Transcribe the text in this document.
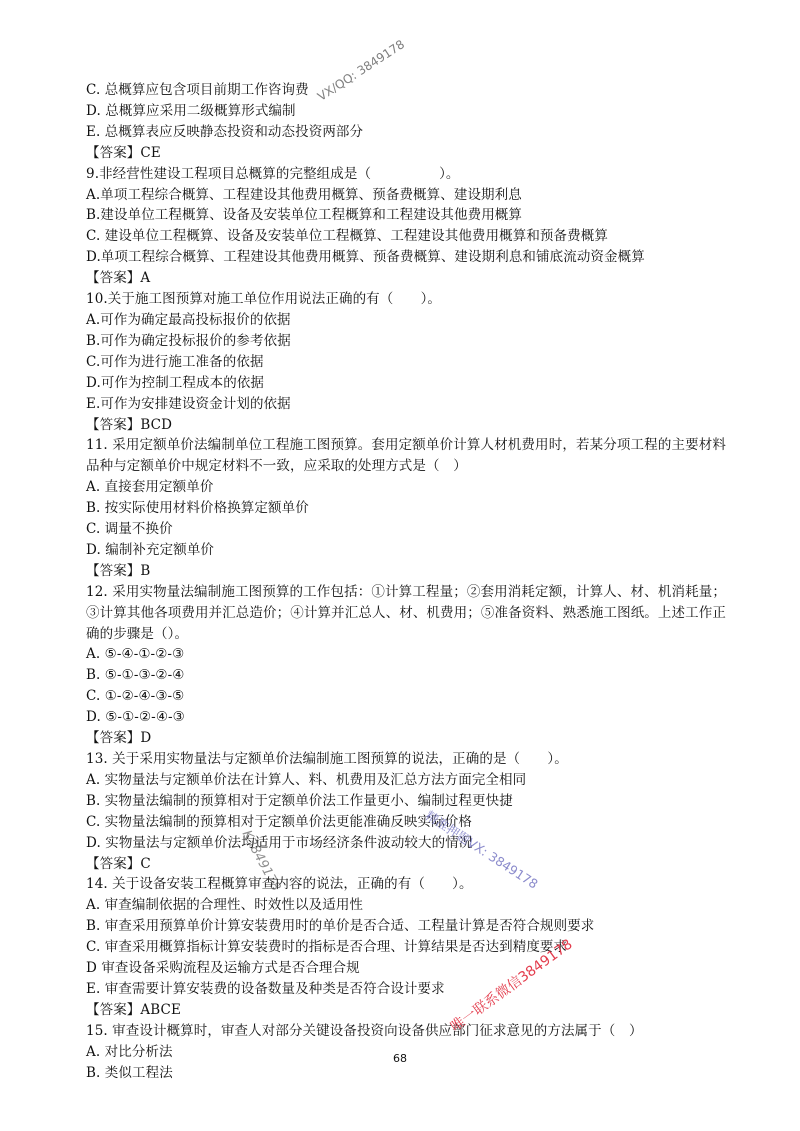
C. 总概算应包含项目前期工作咨询费
D. 总概算应采用二级概算形式编制
E. 总概算表应反映静态投资和动态投资两部分
【答案】CE
9.非经营性建设工程项目总概算的完整组成是（　　　　　）。
A.单项工程综合概算、工程建设其他费用概算、预备费概算、建设期利息
B.建设单位工程概算、设备及安装单位工程概算和工程建设其他费用概算
C. 建设单位工程概算、设备及安装单位工程概算、工程建设其他费用概算和预备费概算
D.单项工程综合概算、工程建设其他费用概算、预备费概算、建设期利息和铺底流动资金概算
【答案】A
10.关于施工图预算对施工单位作用说法正确的有（　　）。
A.可作为确定最高投标报价的依据
B.可作为确定投标报价的参考依据
C.可作为进行施工准备的依据
D.可作为控制工程成本的依据
E.可作为安排建设资金计划的依据
【答案】BCD
11. 采用定额单价法编制单位工程施工图预算。套用定额单价计算人材机费用时，若某分项工程的主要材料品种与定额单价中规定材料不一致，应采取的处理方式是（　）
A. 直接套用定额单价
B. 按实际使用材料价格换算定额单价
C. 调量不换价
D. 编制补充定额单价
【答案】B
12. 采用实物量法编制施工图预算的工作包括：①计算工程量；②套用消耗定额，计算人、材、机消耗量；③计算其他各项费用并汇总造价；④计算并汇总人、材、机费用；⑤准备资料、熟悉施工图纸。上述工作正确的步骤是（）。
A. ⑤-④-①-②-③
B. ⑤-①-③-②-④
C. ①-②-④-③-⑤
D. ⑤-①-②-④-③
【答案】D
13. 关于采用实物量法与定额单价法编制施工图预算的说法，正确的是（　　）。
A. 实物量法与定额单价法在计算人、料、机费用及汇总方法方面完全相同
B. 实物量法编制的预算相对于定额单价法工作量更小、编制过程更快捷
C. 实物量法编制的预算相对于定额单价法更能准确反映实际价格
D. 实物量法与定额单价法均适用于市场经济条件波动较大的情况
【答案】C
14. 关于设备安装工程概算审查内容的说法，正确的有（　　）。
A. 审查编制依据的合理性、时效性以及适用性
B. 审查采用预算单价计算安装费用时的单价是否合适、工程量计算是否符合规则要求
C. 审查采用概算指标计算安装费时的指标是否合理、计算结果是否达到精度要求
D 审查设备采购流程及运输方式是否合理合规
E. 审查需要计算安装费的设备数量及种类是否符合设计要求
【答案】ABCE
15. 审查设计概算时，审查人对部分关键设备投资向设备供应部门征求意见的方法属于（　）
A. 对比分析法
B. 类似工程法
68
VX/QQ: 3849178
精准押题VX: 3849178
K3849178
唯一联系微信3849178
